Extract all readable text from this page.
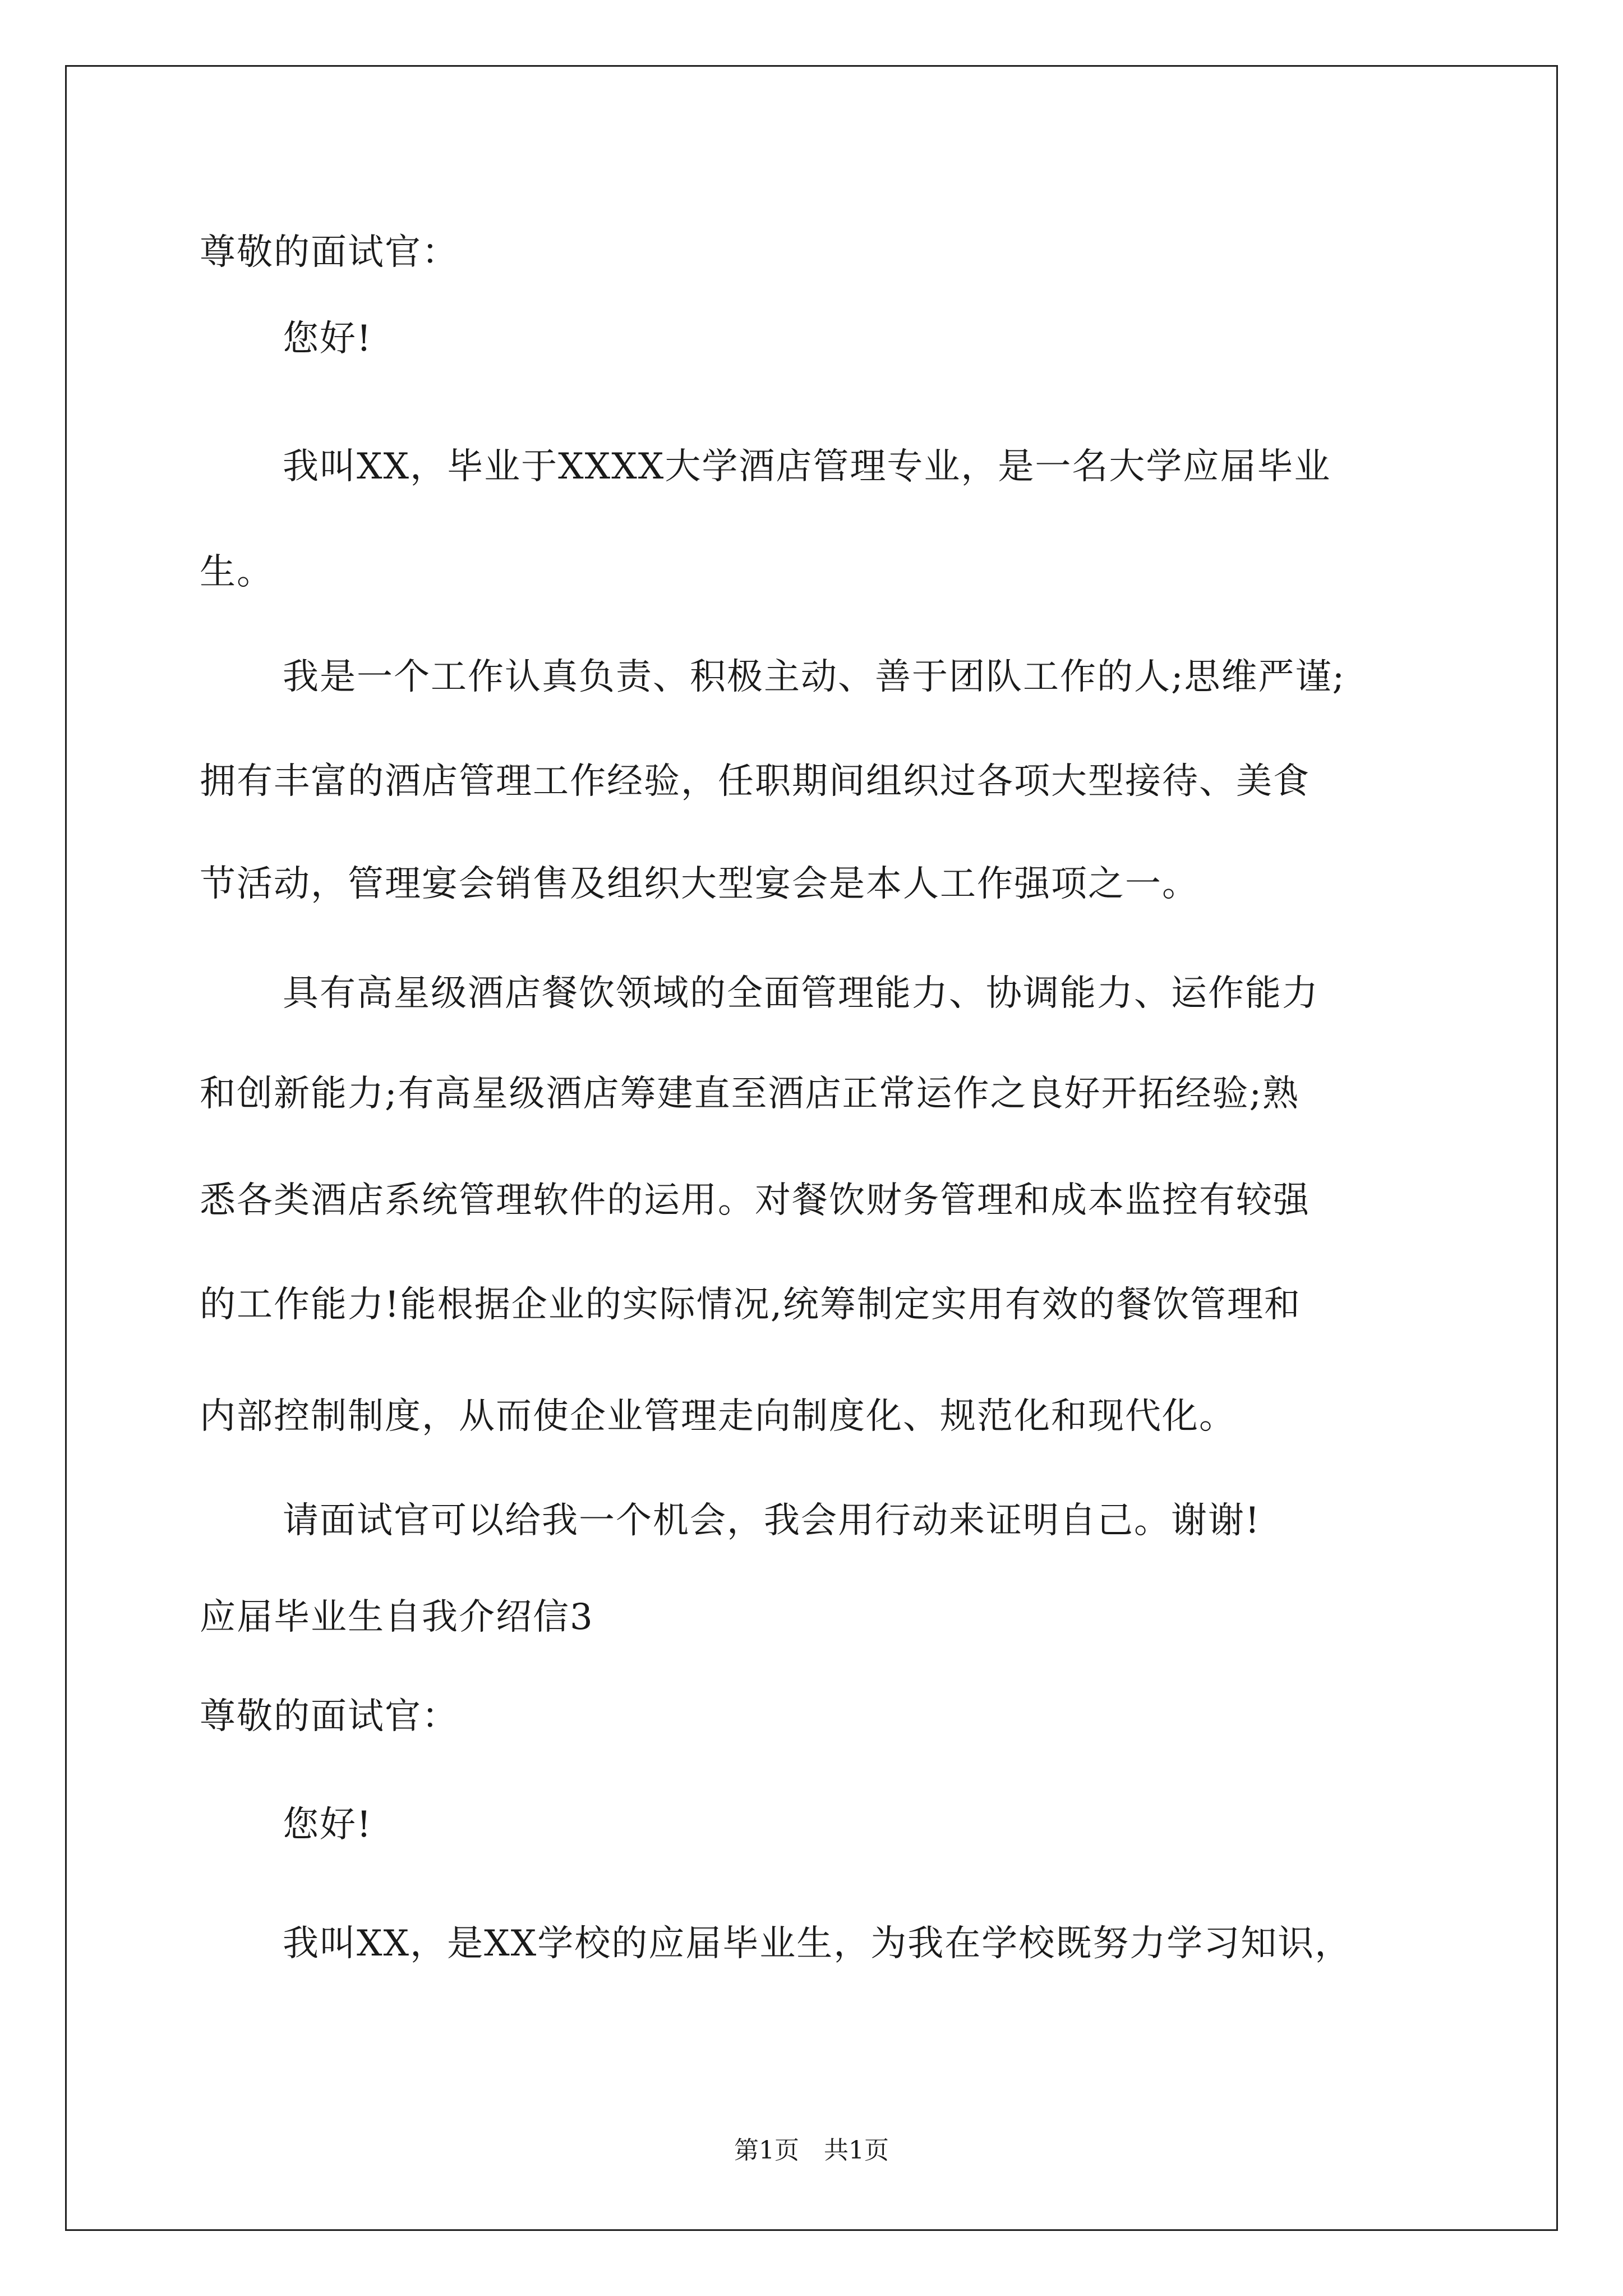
尊敬的面试官：
您好!
我叫XX，毕业于XXXX大学酒店管理专业，是一名大学应届毕业
生。
我是一个工作认真负责、积极主动、善于团队工作的人;思维严谨;
拥有丰富的酒店管理工作经验，任职期间组织过各项大型接待、美食
节活动，管理宴会销售及组织大型宴会是本人工作强项之一。
具有高星级酒店餐饮领域的全面管理能力、协调能力、运作能力
和创新能力;有高星级酒店筹建直至酒店正常运作之良好开拓经验;熟
悉各类酒店系统管理软件的运用。对餐饮财务管理和成本监控有较强
的工作能力!能根据企业的实际情况,统筹制定实用有效的餐饮管理和
内部控制制度，从而使企业管理走向制度化、规范化和现代化。
请面试官可以给我一个机会，我会用行动来证明自己。谢谢!
应届毕业生自我介绍信3
尊敬的面试官：
您好!
我叫XX，是XX学校的应届毕业生，为我在学校既努力学习知识，
第1页　共1页
